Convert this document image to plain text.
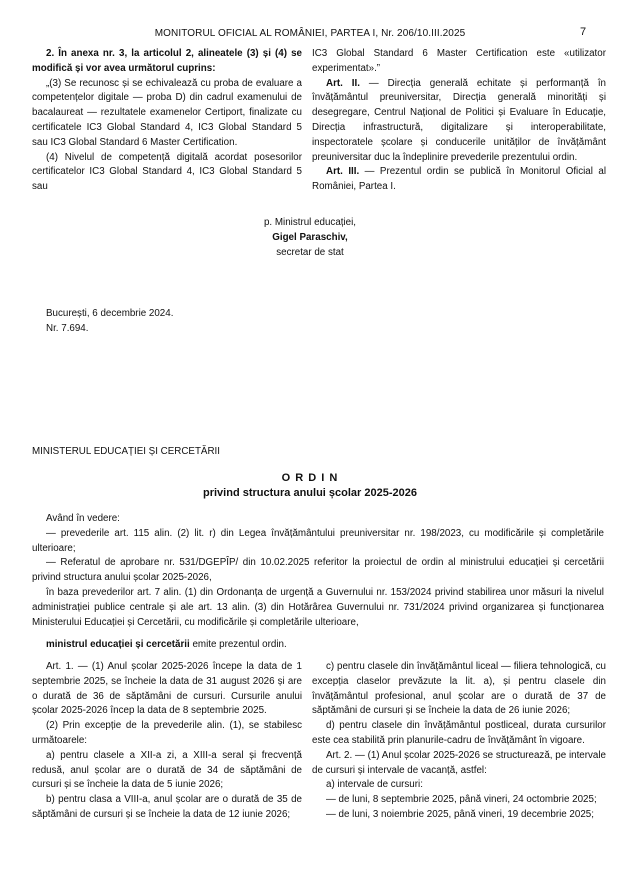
MONITORUL OFICIAL AL ROMÂNIEI, PARTEA I, Nr. 206/10.III.2025	7

2. În anexa nr. 3, la articolul 2, alineatele (3) și (4) se modifică și vor avea următorul cuprins:

„(3) Se recunosc și se echivalează cu proba de evaluare a competențelor digitale — proba D) din cadrul examenului de bacalaureat — rezultatele examenelor Certiport, finalizate cu certificatele IC3 Global Standard 4, IC3 Global Standard 5 sau IC3 Global Standard 6 Master Certification.

(4) Nivelul de competență digitală acordat posesorilor certificatelor IC3 Global Standard 4, IC3 Global Standard 5 sau

IC3 Global Standard 6 Master Certification este «utilizator experimentat».”

Art. II. — Direcția generală echitate și performanță în învățământul preuniversitar, Direcția generală minorități și desegregare, Centrul Național de Politici și Evaluare în Educație, Direcția infrastructură, digitalizare și interoperabilitate, inspectoratele școlare și conducerile unităților de învățământ preuniversitar duc la îndeplinire prevederile prezentului ordin.

Art. III. — Prezentul ordin se publică în Monitorul Oficial al României, Partea I.

p. Ministrul educației,
Gigel Paraschiv,
secretar de stat
București, 6 decembrie 2024.
Nr. 7.694.
MINISTERUL EDUCAȚIEI ȘI CERCETĂRII
O R D I N
privind structura anului școlar 2025-2026

Având în vedere:

— prevederile art. 115 alin. (2) lit. r) din Legea învățământului preuniversitar nr. 198/2023, cu modificările și completările ulterioare;

— Referatul de aprobare nr. 531/DGEPÎP/ din 10.02.2025 referitor la proiectul de ordin al ministrului educației și cercetării privind structura anului școlar 2025-2026,

în baza prevederilor art. 7 alin. (1) din Ordonanța de urgență a Guvernului nr. 153/2024 privind stabilirea unor măsuri la nivelul administrației publice centrale și ale art. 13 alin. (3) din Hotărârea Guvernului nr. 731/2024 privind organizarea și funcționarea Ministerului Educației și Cercetării, cu modificările și completările ulterioare,

ministrul educației și cercetării emite prezentul ordin.

Art. 1. — (1) Anul școlar 2025-2026 începe la data de 1 septembrie 2025, se încheie la data de 31 august 2026 și are o durată de 36 de săptămâni de cursuri. Cursurile anului școlar 2025-2026 încep la data de 8 septembrie 2025.

(2) Prin excepție de la prevederile alin. (1), se stabilesc următoarele:

a) pentru clasele a XII-a zi, a XIII-a seral și frecvență redusă, anul școlar are o durată de 34 de săptămâni de cursuri și se încheie la data de 5 iunie 2026;

b) pentru clasa a VIII-a, anul școlar are o durată de 35 de săptămâni de cursuri și se încheie la data de 12 iunie 2026;

c) pentru clasele din învățământul liceal — filiera tehnologică, cu excepția claselor prevăzute la lit. a), și pentru clasele din învățământul profesional, anul școlar are o durată de 37 de săptămâni de cursuri și se încheie la data de 26 iunie 2026;

d) pentru clasele din învățământul postliceal, durata cursurilor este cea stabilită prin planurile-cadru de învățământ în vigoare.

Art. 2. — (1) Anul școlar 2025-2026 se structurează, pe intervale de cursuri și intervale de vacanță, astfel:

a) intervale de cursuri:

— de luni, 8 septembrie 2025, până vineri, 24 octombrie 2025;

— de luni, 3 noiembrie 2025, până vineri, 19 decembrie 2025;
